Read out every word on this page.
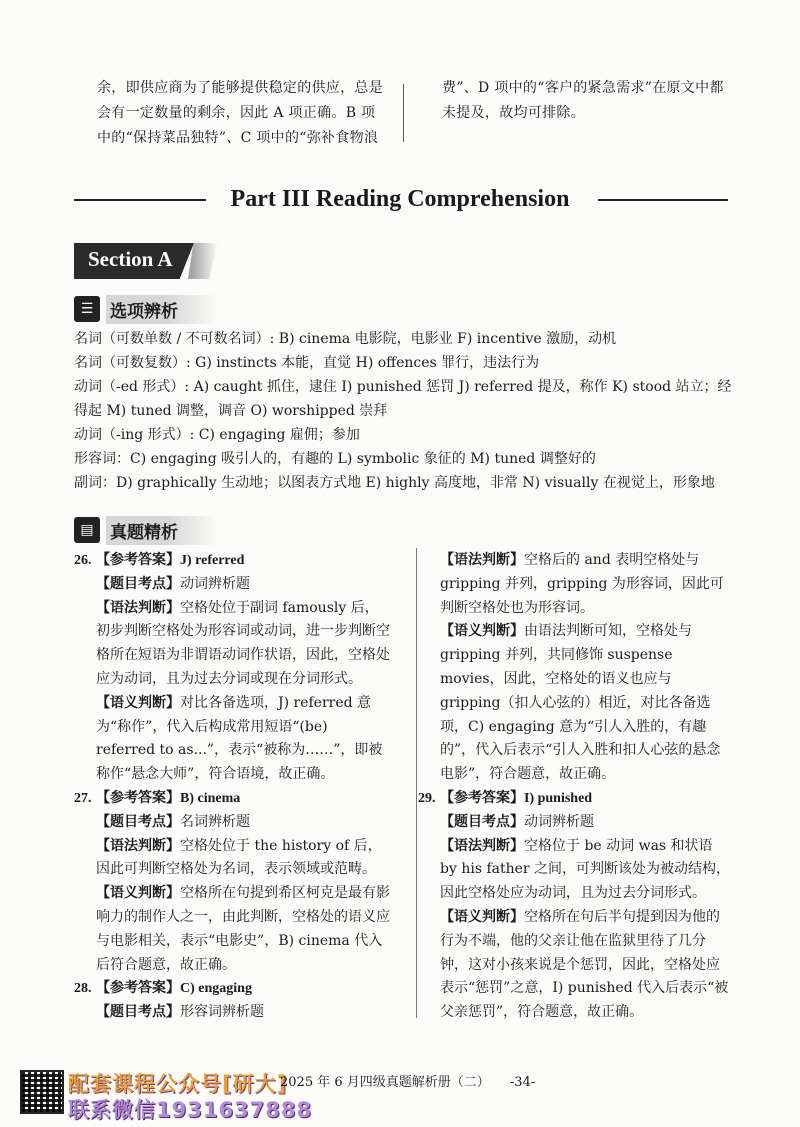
余，即供应商为了能够提供稳定的供应，总是会有一定数量的剩余，因此 A 项正确。B 项中的“保持菜品独特”、C 项中的“弥补食物浪
费”、D 项中的“客户的紧急需求”在原文中都未提及，故均可排除。
Part III Reading Comprehension
Section A
☰ 选项辨析
名词（可数单数 / 不可数名词）: B) cinema 电影院，电影业 F) incentive 激励，动机
名词（可数复数）: G) instincts 本能，直觉 H) offences 罪行，违法行为
动词（-ed 形式）: A) caught 抓住，逮住 I) punished 惩罚 J) referred 提及，称作 K) stood 站立；经
得起 M) tuned 调整，调音 O) worshipped 崇拜
动词（-ing 形式）: C) engaging 雇佣；参加
形容词：C) engaging 吸引人的，有趣的 L) symbolic 象征的 M) tuned 调整好的
副词：D) graphically 生动地；以图表方式地 E) highly 高度地，非常 N) visually 在视觉上，形象地
▤ 真题精析
26. 【参考答案】J) referred
【题目考点】动词辨析题
【语法判断】空格处位于副词 famously 后，初步判断空格处为形容词或动词，进一步判断空格所在短语为非谓语动词作状语，因此，空格处应为动词，且为过去分词或现在分词形式。
【语义判断】对比各备选项，J) referred 意为“称作”，代入后构成常用短语“(be) referred to as...”，表示“被称为……”，即被称作“悬念大师”，符合语境，故正确。
27. 【参考答案】B) cinema
【题目考点】名词辨析题
【语法判断】空格处位于 the history of 后，因此可判断空格处为名词，表示领域或范畴。
【语义判断】空格所在句提到希区柯克是最有影响力的制作人之一，由此判断，空格处的语义应与电影相关，表示“电影史”，B) cinema 代入后符合题意，故正确。
28. 【参考答案】C) engaging
【题目考点】形容词辨析题
【语法判断】空格后的 and 表明空格处与 gripping 并列，gripping 为形容词，因此可判断空格处也为形容词。
【语义判断】由语法判断可知，空格处与 gripping 并列，共同修饰 suspense movies，因此，空格处的语义也应与 gripping（扣人心弦的）相近，对比各备选项，C) engaging 意为“引人入胜的，有趣的”，代入后表示“引人入胜和扣人心弦的悬念电影”，符合题意，故正确。
29. 【参考答案】I) punished
【题目考点】动词辨析题
【语法判断】空格位于 be 动词 was 和状语 by his father 之间，可判断该处为被动结构，因此空格处应为动词，且为过去分词形式。
【语义判断】空格所在句后半句提到因为他的行为不端，他的父亲让他在监狱里待了几分钟，这对小孩来说是个惩罚，因此，空格处应表示“惩罚”之意，I) punished 代入后表示“被父亲惩罚”，符合题意，故正确。
配套课程公众号[研大]
联系微信1931637888
2025 年 6 月四级真题解析册（二） -34-
